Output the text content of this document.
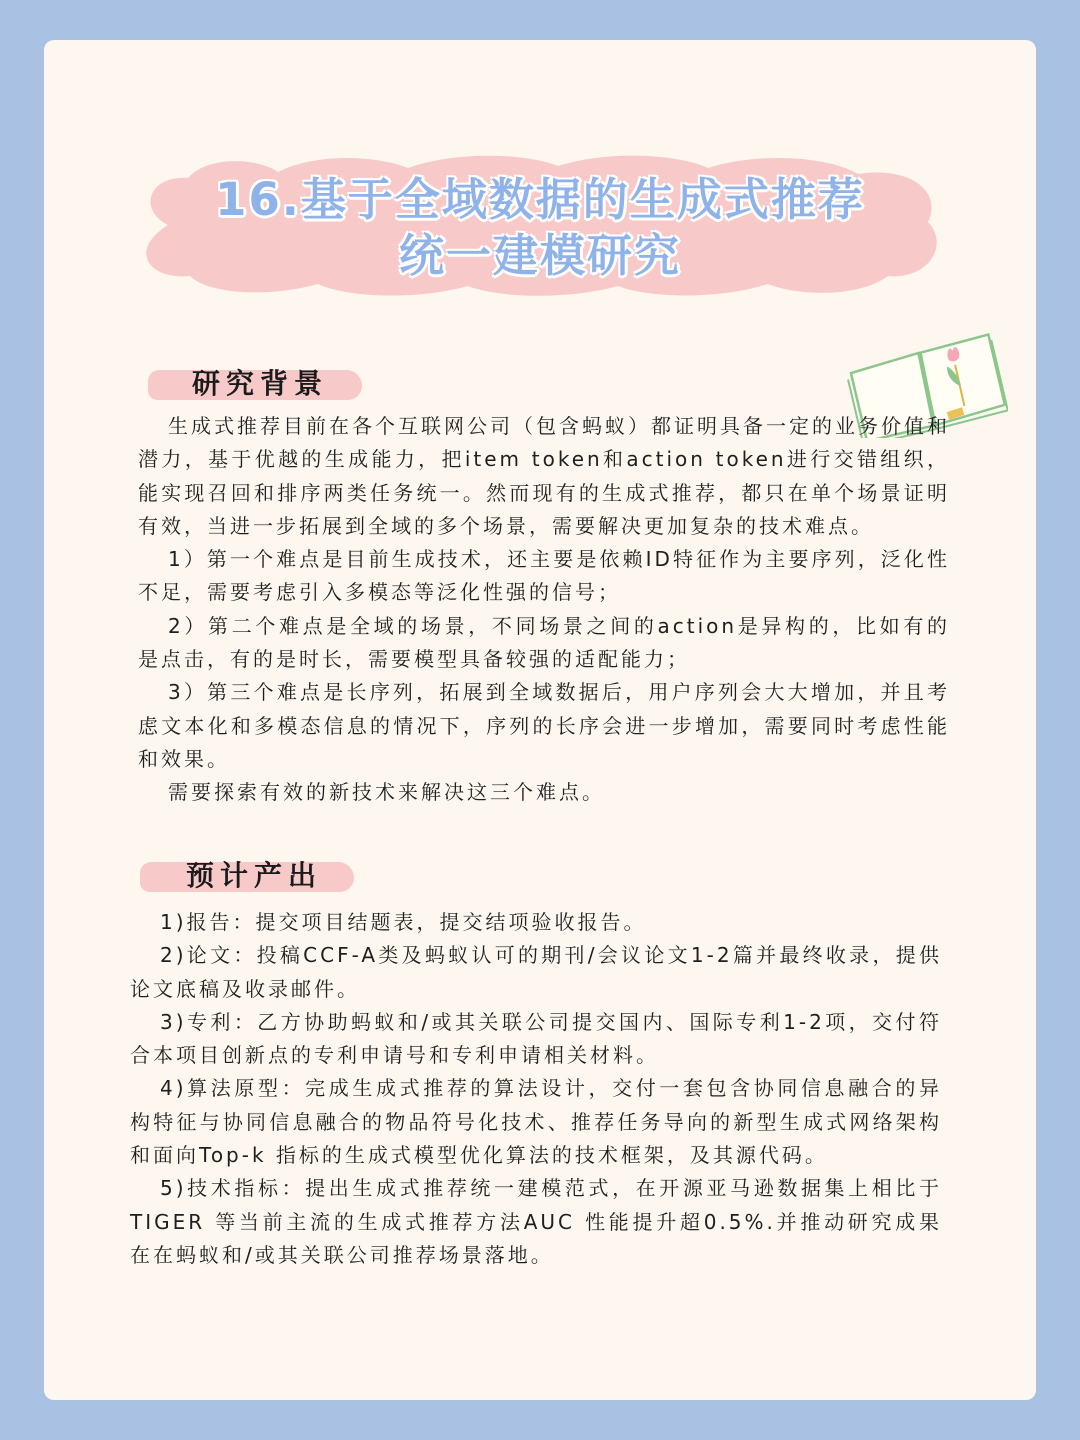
16.基于全域数据的生成式推荐
统一建模研究
研究背景

生成式推荐目前在各个互联网公司（包含蚂蚁）都证明具备一定的业务价值和潜力，基于优越的生成能力，把item token和action token进行交错组织，能实现召回和排序两类任务统一。然而现有的生成式推荐，都只在单个场景证明有效，当进一步拓展到全域的多个场景，需要解决更加复杂的技术难点。

1）第一个难点是目前生成技术，还主要是依赖ID特征作为主要序列，泛化性不足，需要考虑引入多模态等泛化性强的信号；

2）第二个难点是全域的场景，不同场景之间的action是异构的，比如有的是点击，有的是时长，需要模型具备较强的适配能力；

3）第三个难点是长序列，拓展到全域数据后，用户序列会大大增加，并且考虑文本化和多模态信息的情况下，序列的长序会进一步增加，需要同时考虑性能和效果。

需要探索有效的新技术来解决这三个难点。

预计产出

1)报告：提交项目结题表，提交结项验收报告。

2)论文：投稿CCF-A类及蚂蚁认可的期刊/会议论文1-2篇并最终收录，提供论文底稿及收录邮件。

3)专利：乙方协助蚂蚁和/或其关联公司提交国内、国际专利1-2项，交付符合本项目创新点的专利申请号和专利申请相关材料。

4)算法原型：完成生成式推荐的算法设计，交付一套包含协同信息融合的异构特征与协同信息融合的物品符号化技术、推荐任务导向的新型生成式网络架构和面向Top-k 指标的生成式模型优化算法的技术框架，及其源代码。

5)技术指标：提出生成式推荐统一建模范式，在开源亚马逊数据集上相比于TIGER 等当前主流的生成式推荐方法AUC 性能提升超0.5%.并推动研究成果在在蚂蚁和/或其关联公司推荐场景落地。
